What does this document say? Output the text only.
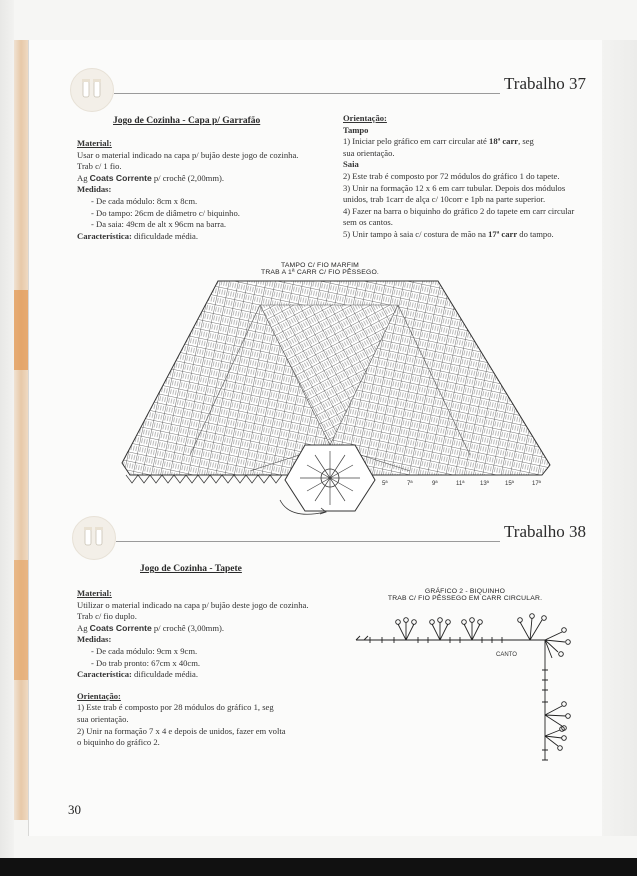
Trabalho 37
Jogo de Cozinha - Capa p/ Garrafão
Material:
Usar o material indicado na capa p/ bujão deste jogo de cozinha.
Trab c/ 1 fio.
Ag Coats Corrente p/ crochê (2,00mm).
Medidas:
- De cada módulo: 8cm x 8cm.
- Do tampo: 26cm de diâmetro c/ biquinho.
- Da saia: 49cm de alt x 96cm na barra.
Característica: dificuldade média.
Orientação:
Tampo
1) Iniciar pelo gráfico em carr circular até 18ª carr, seg
sua orientação.
Saia
2) Este trab é composto por 72 módulos do gráfico 1 do tapete.
3) Unir na formação 12 x 6 em carr tubular. Depois dos módulos
unidos, trab 1carr de alça c/ 10corr e 1pb na parte superior.
4) Fazer na barra o biquinho do gráfico 2 do tapete em carr circular
sem os cantos.
5) Unir tampo à saia c/ costura de mão na 17ª carr do tampo.
TAMPO C/ FIO MARFIM
TRAB A 1ª CARR C/ FIO PÊSSEGO.
5ª	7ª	9ª	11ª	13ª	15ª	17ª
Trabalho 38
Jogo de Cozinha - Tapete
Material:
Utilizar o material indicado na capa p/ bujão deste jogo de cozinha.
Trab c/ fio duplo.
Ag Coats Corrente p/ crochê (3,00mm).
Medidas:
- De cada módulo: 9cm x 9cm.
- Do trab pronto: 67cm x 40cm.
Característica: dificuldade média.
Orientação:
1) Este trab é composto por 28 módulos do gráfico 1, seg
sua orientação.
2) Unir na formação 7 x 4 e depois de unidos, fazer em volta
o biquinho do gráfico 2.
GRÁFICO 2 - BIQUINHO
TRAB C/ FIO PÊSSEGO EM CARR CIRCULAR.
CANTO
30
